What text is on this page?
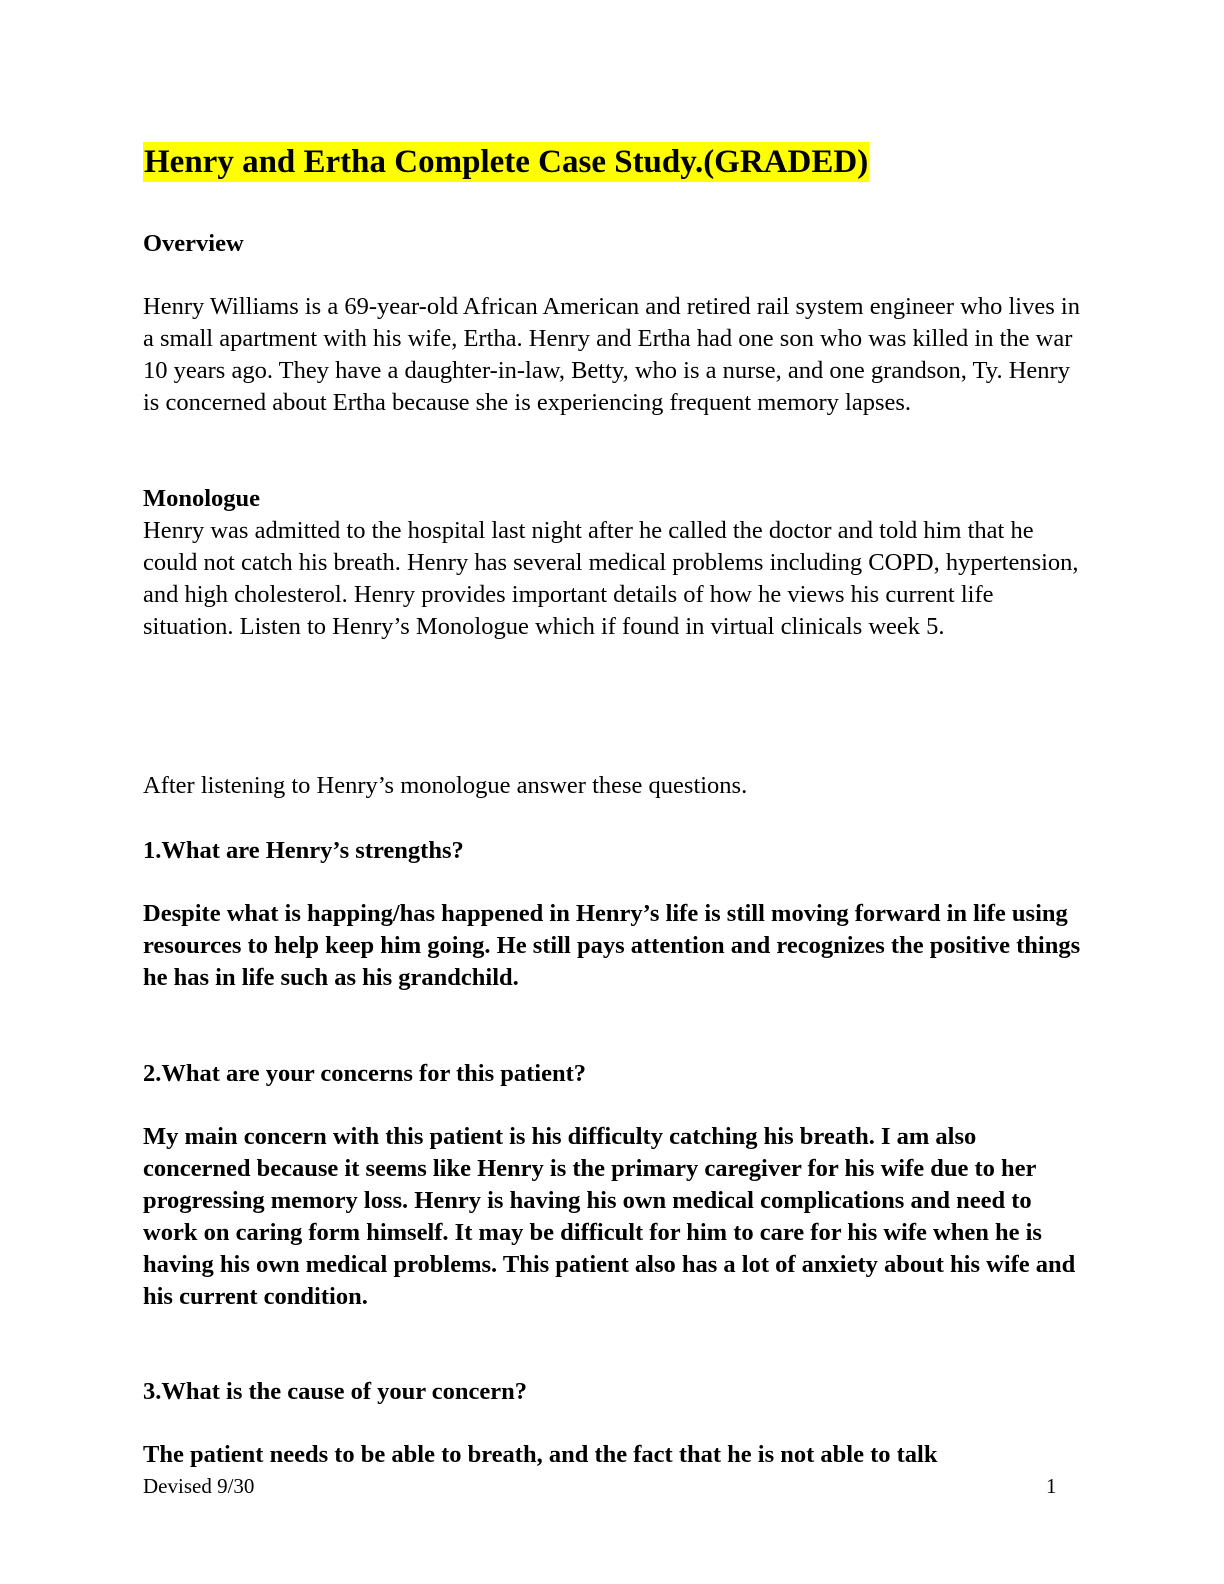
Henry and Ertha Complete Case Study.(GRADED)

Overview

Henry Williams is a 69-year-old African American and retired rail system engineer who lives in a small apartment with his wife, Ertha. Henry and Ertha had one son who was killed in the war 10 years ago. They have a daughter-in-law, Betty, who is a nurse, and one grandson, Ty. Henry is concerned about Ertha because she is experiencing frequent memory lapses.

Monologue

Henry was admitted to the hospital last night after he called the doctor and told him that he could not catch his breath. Henry has several medical problems including COPD, hypertension, and high cholesterol. Henry provides important details of how he views his current life situation. Listen to Henry’s Monologue which if found in virtual clinicals week 5.

After listening to Henry’s monologue answer these questions.

1.What are Henry’s strengths?

Despite what is happing/has happened in Henry’s life is still moving forward in life using resources to help keep him going. He still pays attention and recognizes the positive things he has in life such as his grandchild.

2.What are your concerns for this patient?

My main concern with this patient is his difficulty catching his breath. I am also concerned because it seems like Henry is the primary caregiver for his wife due to her progressing memory loss. Henry is having his own medical complications and need to work on caring form himself. It may be difficult for him to care for his wife when he is having his own medical problems. This patient also has a lot of anxiety about his wife and his current condition.

3.What is the cause of your concern?

The patient needs to be able to breath, and the fact that he is not able to talk

Devised 9/30	1
